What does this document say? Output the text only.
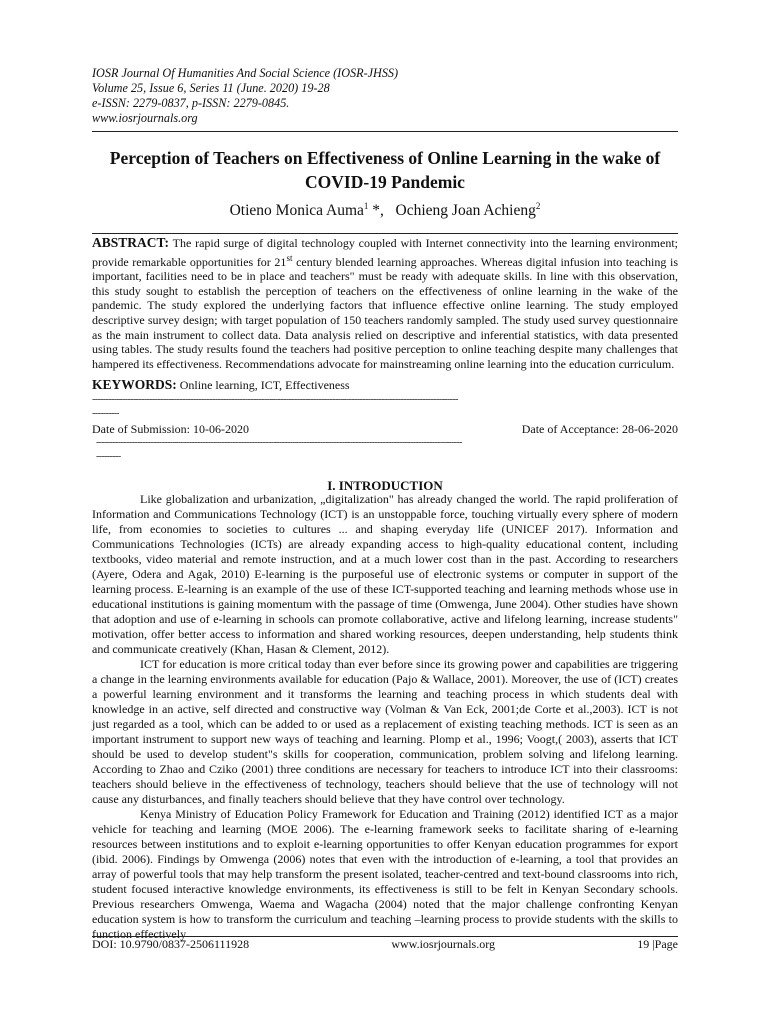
IOSR Journal Of Humanities And Social Science (IOSR-JHSS)
Volume 25, Issue 6, Series 11 (June. 2020) 19-28
e-ISSN: 2279-0837, p-ISSN: 2279-0845.
www.iosrjournals.org
Perception of Teachers on Effectiveness of Online Learning in the wake of COVID-19 Pandemic
Otieno Monica Auma$^1$ *, Ochieng Joan Achieng$^2$
ABSTRACT: The rapid surge of digital technology coupled with Internet connectivity into the learning environment; provide remarkable opportunities for 21st century blended learning approaches. Whereas digital infusion into teaching is important, facilities need to be in place and teachers" must be ready with adequate skills. In line with this observation, this study sought to establish the perception of teachers on the effectiveness of online learning in the wake of the pandemic. The study explored the underlying factors that influence effective online learning. The study employed descriptive survey design; with target population of 150 teachers randomly sampled. The study used survey questionnaire as the main instrument to collect data. Data analysis relied on descriptive and inferential statistics, with data presented using tables. The study results found the teachers had positive perception to online teaching despite many challenges that hampered its effectiveness. Recommendations advocate for mainstreaming online learning into the education curriculum.
KEYWORDS: Online learning, ICT, Effectiveness
--------------------------------------------------------------------------------------------------------------------------------------
----------
Date of Submission: 10-06-2020	Date of Acceptance: 28-06-2020
--------------------------------------------------------------------------------------------------------------------------------------
---------
I. INTRODUCTION

Like globalization and urbanization, „digitalization" has already changed the world. The rapid proliferation of Information and Communications Technology (ICT) is an unstoppable force, touching virtually every sphere of modern life, from economies to societies to cultures ... and shaping everyday life (UNICEF 2017). Information and Communications Technologies (ICTs) are already expanding access to high-quality educational content, including textbooks, video material and remote instruction, and at a much lower cost than in the past. According to researchers (Ayere, Odera and Agak, 2010) E-learning is the purposeful use of electronic systems or computer in support of the learning process. E-learning is an example of the use of these ICT-supported teaching and learning methods whose use in educational institutions is gaining momentum with the passage of time (Omwenga, June 2004). Other studies have shown that adoption and use of e-learning in schools can promote collaborative, active and lifelong learning, increase students" motivation, offer better access to information and shared working resources, deepen understanding, help students think and communicate creatively (Khan, Hasan & Clement, 2012).

ICT for education is more critical today than ever before since its growing power and capabilities are triggering a change in the learning environments available for education (Pajo & Wallace, 2001). Moreover, the use of (ICT) creates a powerful learning environment and it transforms the learning and teaching process in which students deal with knowledge in an active, self directed and constructive way (Volman & Van Eck, 2001;de Corte et al.,2003). ICT is not just regarded as a tool, which can be added to or used as a replacement of existing teaching methods. ICT is seen as an important instrument to support new ways of teaching and learning. Plomp et al., 1996; Voogt,( 2003), asserts that ICT should be used to develop student"s skills for cooperation, communication, problem solving and lifelong learning. According to Zhao and Cziko (2001) three conditions are necessary for teachers to introduce ICT into their classrooms: teachers should believe in the effectiveness of technology, teachers should believe that the use of technology will not cause any disturbances, and finally teachers should believe that they have control over technology.

Kenya Ministry of Education Policy Framework for Education and Training (2012) identified ICT as a major vehicle for teaching and learning (MOE 2006). The e-learning framework seeks to facilitate sharing of e-learning resources between institutions and to exploit e-learning opportunities to offer Kenyan education programmes for export (ibid. 2006). Findings by Omwenga (2006) notes that even with the introduction of e-learning, a tool that provides an array of powerful tools that may help transform the present isolated, teacher-centred and text-bound classrooms into rich, student focused interactive knowledge environments, its effectiveness is still to be felt in Kenyan Secondary schools. Previous researchers Omwenga, Waema and Wagacha (2004) noted that the major challenge confronting Kenyan education system is how to transform the curriculum and teaching –learning process to provide students with the skills to function effectively

DOI: 10.9790/0837-2506111928	www.iosrjournals.org	19 |Page
